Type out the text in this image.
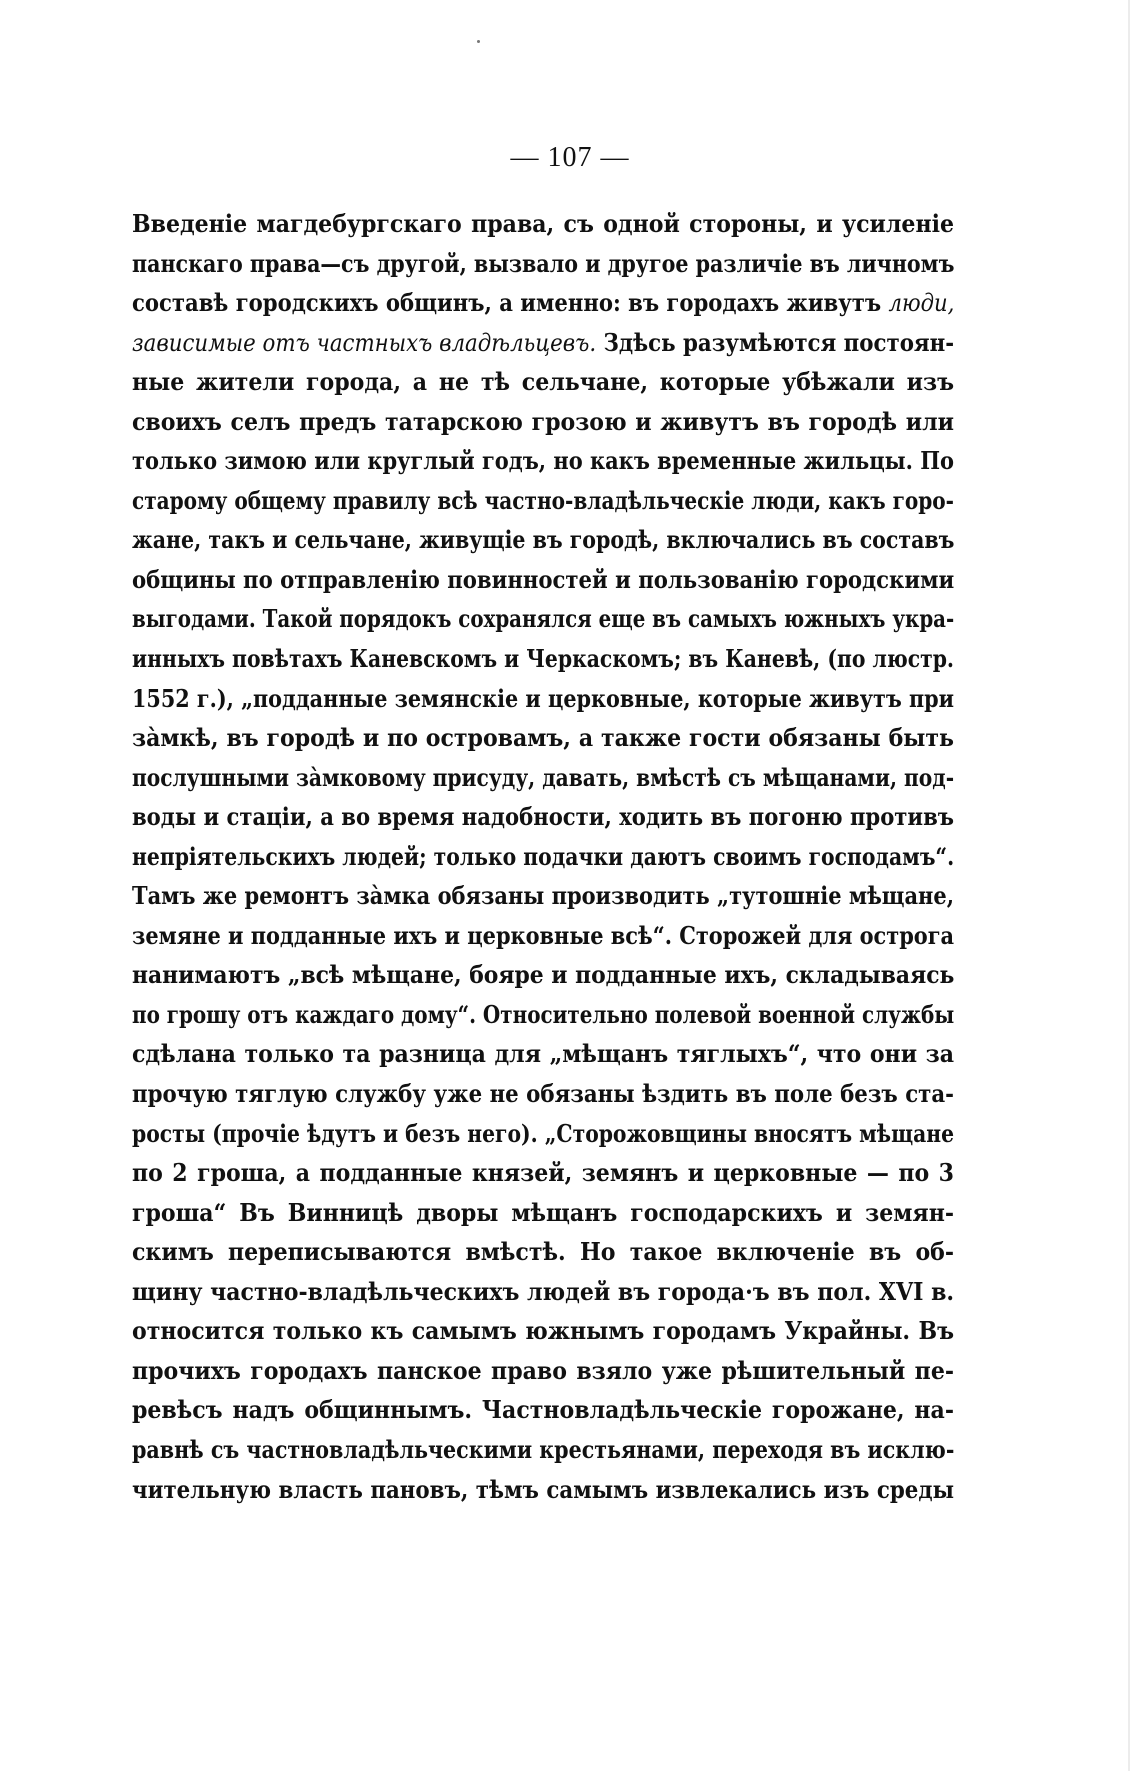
— 107 —
Введеніе магдебургскаго права, съ одной стороны, и усиленіе
панскаго права—съ другой, вызвало и другое различіе въ личномъ
составѣ городскихъ общинъ, а именно: въ городахъ живутъ люди,
зависимые отъ частныхъ владѣльцевъ. Здѣсь разумѣются постоян-
ные жители города, а не тѣ сельчане, которые убѣжали изъ
своихъ селъ предъ татарскою грозою и живутъ въ городѣ или
только зимою или круглый годъ, но какъ временные жильцы. По
старому общему правилу всѣ частно-владѣльческіе люди, какъ горо-
жане, такъ и сельчане, живущіе въ городѣ, включались въ составъ
общины по отправленію повинностей и пользованію городскими
выгодами. Такой порядокъ сохранялся еще въ самыхъ южныхъ укра-
инныхъ повѣтахъ Каневскомъ и Черкаскомъ; въ Каневѣ, (по люстр.
1552 г.), „подданные земянскіе и церковные, которые живутъ при
зàмкѣ, въ городѣ и по островамъ, а также гости обязаны быть
послушными зàмковому присуду, давать, вмѣстѣ съ мѣщанами, под-
воды и стаціи, а во время надобности, ходить въ погоню противъ
непріятельскихъ людей; только подачки даютъ своимъ господамъ“.
Тамъ же ремонтъ зàмка обязаны производить „тутошніе мѣщане,
земяне и подданные ихъ и церковные всѣ“. Сторожей для острога
нанимаютъ „всѣ мѣщане, бояре и подданные ихъ, складываясь
по грошу отъ каждаго дому“. Относительно полевой военной службы
сдѣлана только та разница для „мѣщанъ тяглыхъ“, что они за
прочую тяглую службу уже не обязаны ѣздить въ поле безъ ста-
росты (прочіе ѣдутъ и безъ него). „Сторожовщины вносятъ мѣщане
по 2 гроша, а подданные князей, земянъ и церковные — по 3
гроша“ Въ Винницѣ дворы мѣщанъ господарскихъ и земян-
скимъ переписываются вмѣстѣ. Но такое включеніе въ об-
щину частно-владѣльческихъ людей въ города·ъ въ пол. XVI в.
относится только къ самымъ южнымъ городамъ Украйны. Въ
прочихъ городахъ панское право взяло уже рѣшительный пе-
ревѣсъ надъ общиннымъ. Частновладѣльческіе горожане, на-
равнѣ съ частновладѣльческими крестьянами, переходя въ исклю-
чительную власть пановъ, тѣмъ самымъ извлекались изъ среды
